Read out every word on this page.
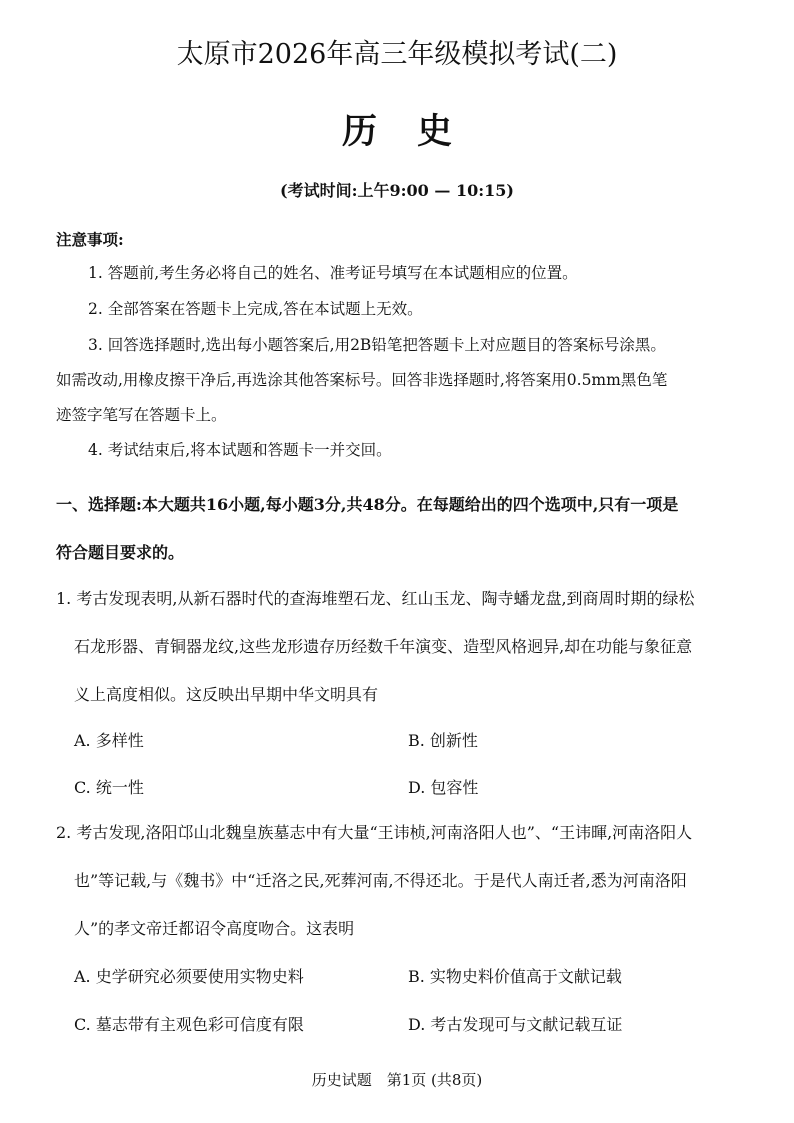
太原市2026年高三年级模拟考试(二)
历史
(考试时间:上午9:00 — 10:15)
注意事项:
1. 答题前,考生务必将自己的姓名、准考证号填写在本试题相应的位置。
2. 全部答案在答题卡上完成,答在本试题上无效。
3. 回答选择题时,选出每小题答案后,用2B铅笔把答题卡上对应题目的答案标号涂黑。
如需改动,用橡皮擦干净后,再选涂其他答案标号。回答非选择题时,将答案用0.5mm黑色笔
迹签字笔写在答题卡上。
4. 考试结束后,将本试题和答题卡一并交回。
一、选择题:本大题共16小题,每小题3分,共48分。在每题给出的四个选项中,只有一项是
符合题目要求的。
1. 考古发现表明,从新石器时代的查海堆塑石龙、红山玉龙、陶寺蟠龙盘,到商周时期的绿松
石龙形器、青铜器龙纹,这些龙形遗存历经数千年演变、造型风格迥异,却在功能与象征意
义上高度相似。这反映出早期中华文明具有
A. 多样性	B. 创新性
C. 统一性	D. 包容性
2. 考古发现,洛阳邙山北魏皇族墓志中有大量“王讳桢,河南洛阳人也”、“王讳暉,河南洛阳人
也”等记载,与《魏书》中“迁洛之民,死葬河南,不得还北。于是代人南迁者,悉为河南洛阳
人”的孝文帝迁都诏令高度吻合。这表明
A. 史学研究必须要使用实物史料	B. 实物史料价值高于文献记载
C. 墓志带有主观色彩可信度有限	D. 考古发现可与文献记载互证
历史试题　第1页 (共8页)
